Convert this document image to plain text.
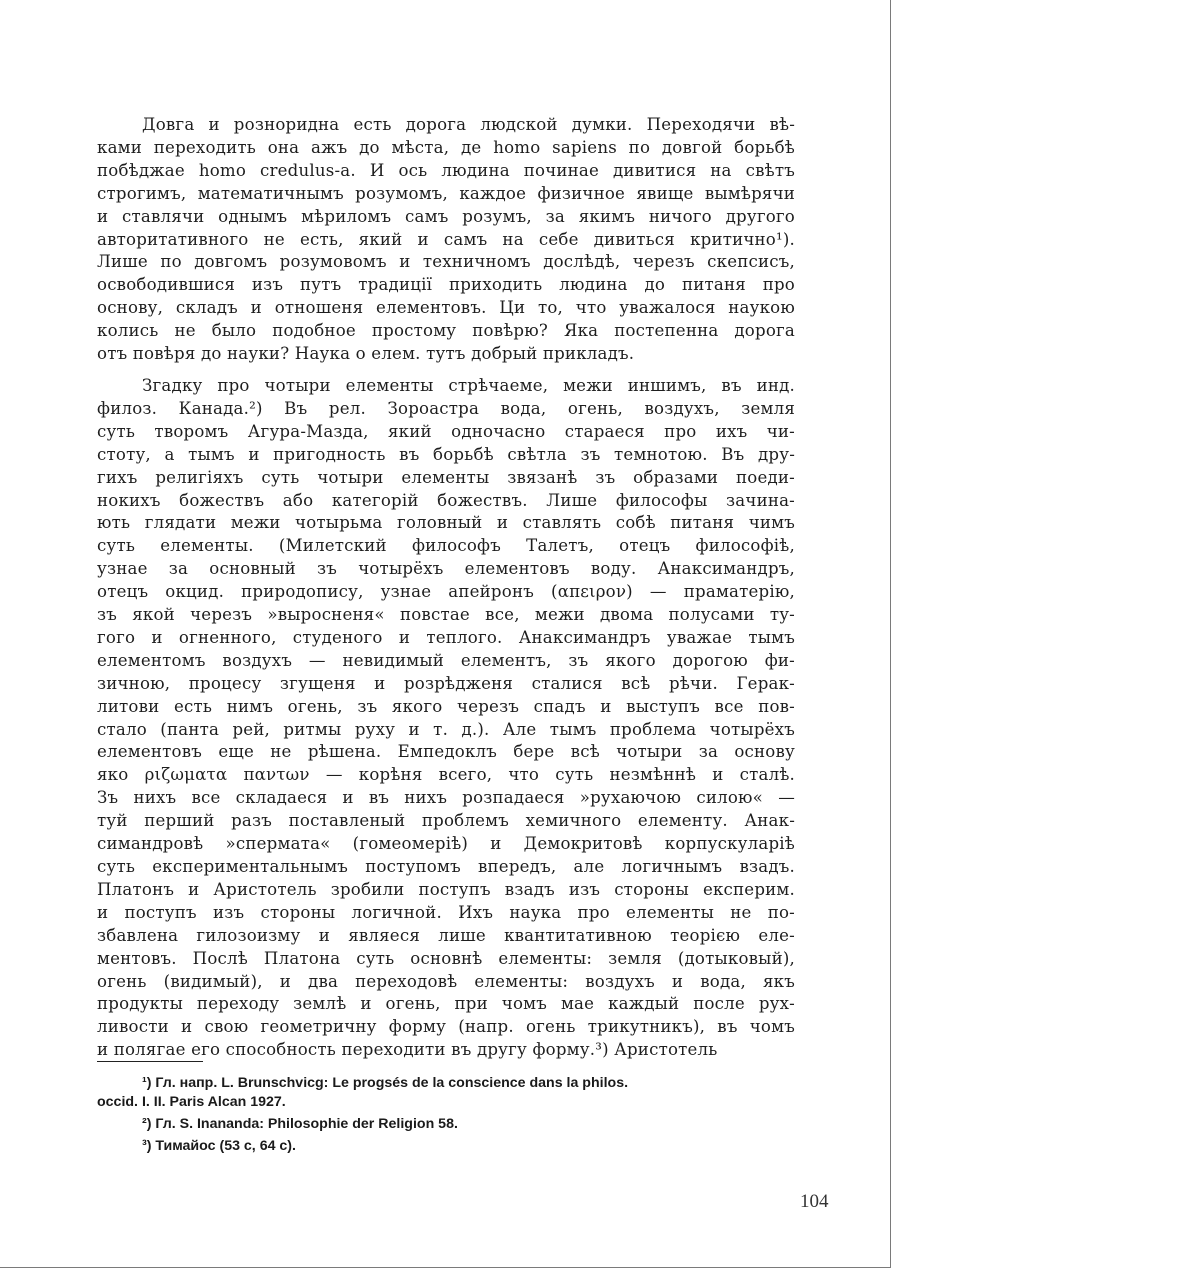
Довга и розноридна есть дорога людской думки. Переходячи вѣ-
ками переходить она ажъ до мѣста, де homo sapiens по довгой борьбѣ
побѣджае homo credulus-a. И ось людина починае дивитися на свѣтъ
строгимъ, математичнымъ розумомъ, каждое физичное явище вымѣрячи
и ставлячи однымъ мѣриломъ самъ розумъ, за якимъ ничого другого
авторитативного не есть, який и самъ на себе дивиться критично¹).
Лише по довгомъ розумовомъ и техничномъ дослѣдѣ, черезъ скепсисъ,
освободившися изъ путъ традиції приходить людина до питаня про
основу, складъ и отношеня елементовъ. Ци то, что уважалося наукою
колись не было подобное простому повѣрю? Яка постепенна дорога
отъ повѣря до науки? Наука о елем. тутъ добрый прикладъ.
Згадку про чотыри елементы стрѣчаеме, межи иншимъ, въ инд.
филоз. Канада.²) Въ рел. Зороастра вода, огень, воздухъ, земля
суть творомъ Агура-Мазда, який одночасно стараеся про ихъ чи-
стоту, а тымъ и пригодность въ борьбѣ свѣтла зъ темнотою. Въ дру-
гихъ религіяхъ суть чотыри елементы звязанѣ зъ образами поеди-
нокихъ божествъ або категорій божествъ. Лише философы зачина-
ють глядати межи чотырьма головный и ставлять собѣ питаня чимъ
суть елементы. (Милетский философъ Талетъ, отецъ философіѣ,
узнае за основный зъ чотырёхъ елементовъ воду. Анаксимандръ,
отецъ окцид. природопису, узнае апейронъ (απειρον) — праматерію,
зъ якой черезъ »выросненя« повстае все, межи двома полусами ту-
гого и огненного, студеного и теплого. Анаксимандръ уважае тымъ
елементомъ воздухъ — невидимый елементъ, зъ якого дорогою фи-
зичною, процесу згущеня и розрѣдженя сталися всѣ рѣчи. Герак-
литови есть нимъ огень, зъ якого черезъ спадъ и выступъ все пов-
стало (панта рей, ритмы руху и т. д.). Але тымъ проблема чотырёхъ
елементовъ еще не рѣшена. Емпедоклъ бере всѣ чотыри за основу
яко ριζωματα παντων — корѣня всего, что суть незмѣннѣ и сталѣ.
Зъ нихъ все складаеся и въ нихъ розпадаеся »рухаючою силою« —
туй перший разъ поставленый проблемъ хемичного елементу. Анак-
симандровѣ »сперматa« (гомеомеріѣ) и Демокритовѣ корпускуларіѣ
суть експериментальнымъ поступомъ впередъ, але логичнымъ взадъ.
Платонъ и Аристотель зробили поступъ взадъ изъ стороны експерим.
и поступъ изъ стороны логичной. Ихъ наука про елементы не по-
збавлена гилозоизму и являеся лише квантитативною теорією еле-
ментовъ. Послѣ Платона суть основнѣ елементы: земля (дотыковый),
огень (видимый), и два переходовѣ елементы: воздухъ и вода, якъ
продукты переходу землѣ и огень, при чомъ мае каждый после рух-
ливости и свою геометричну форму (напр. огень трикутникъ), въ чомъ
и полягае его способность переходити въ другу форму.³) Аристотель
¹) Гл. напр. L. Brunschvicg: Le progsés de la conscience dans la philos.
occid. I. II. Paris Alcan 1927.
²) Гл. S. Inananda: Philosophie der Religion 58.
³) Тимайос (53 c, 64 c).
104
